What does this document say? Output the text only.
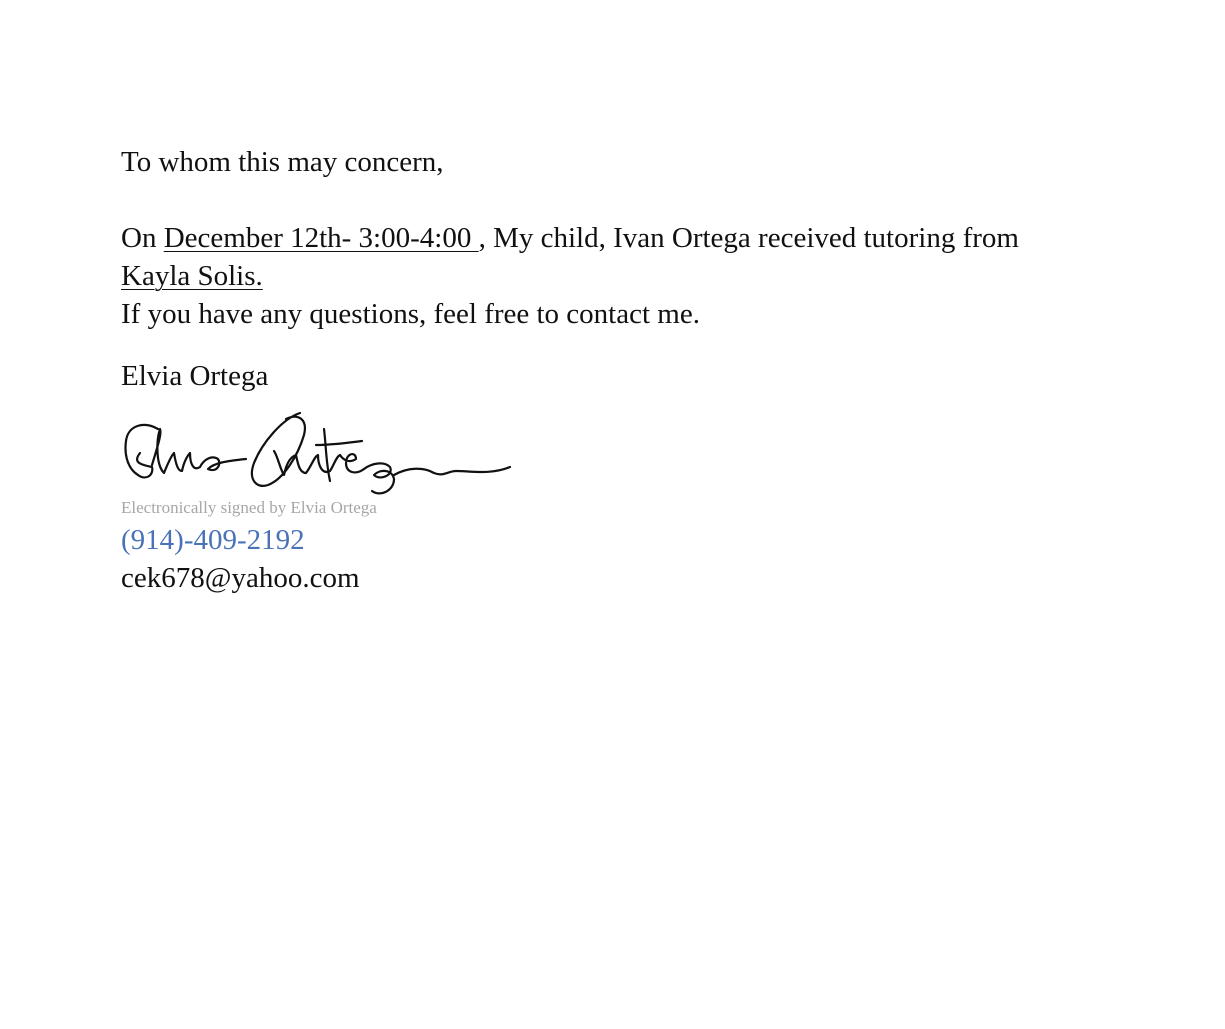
To whom this may concern,
On December 12th- 3:00-4:00 , My child, Ivan Ortega received tutoring from
Kayla Solis.
If you have any questions, feel free to contact me.
Elvia Ortega
Electronically signed by Elvia Ortega
(914)-409-2192
cek678@yahoo.com
